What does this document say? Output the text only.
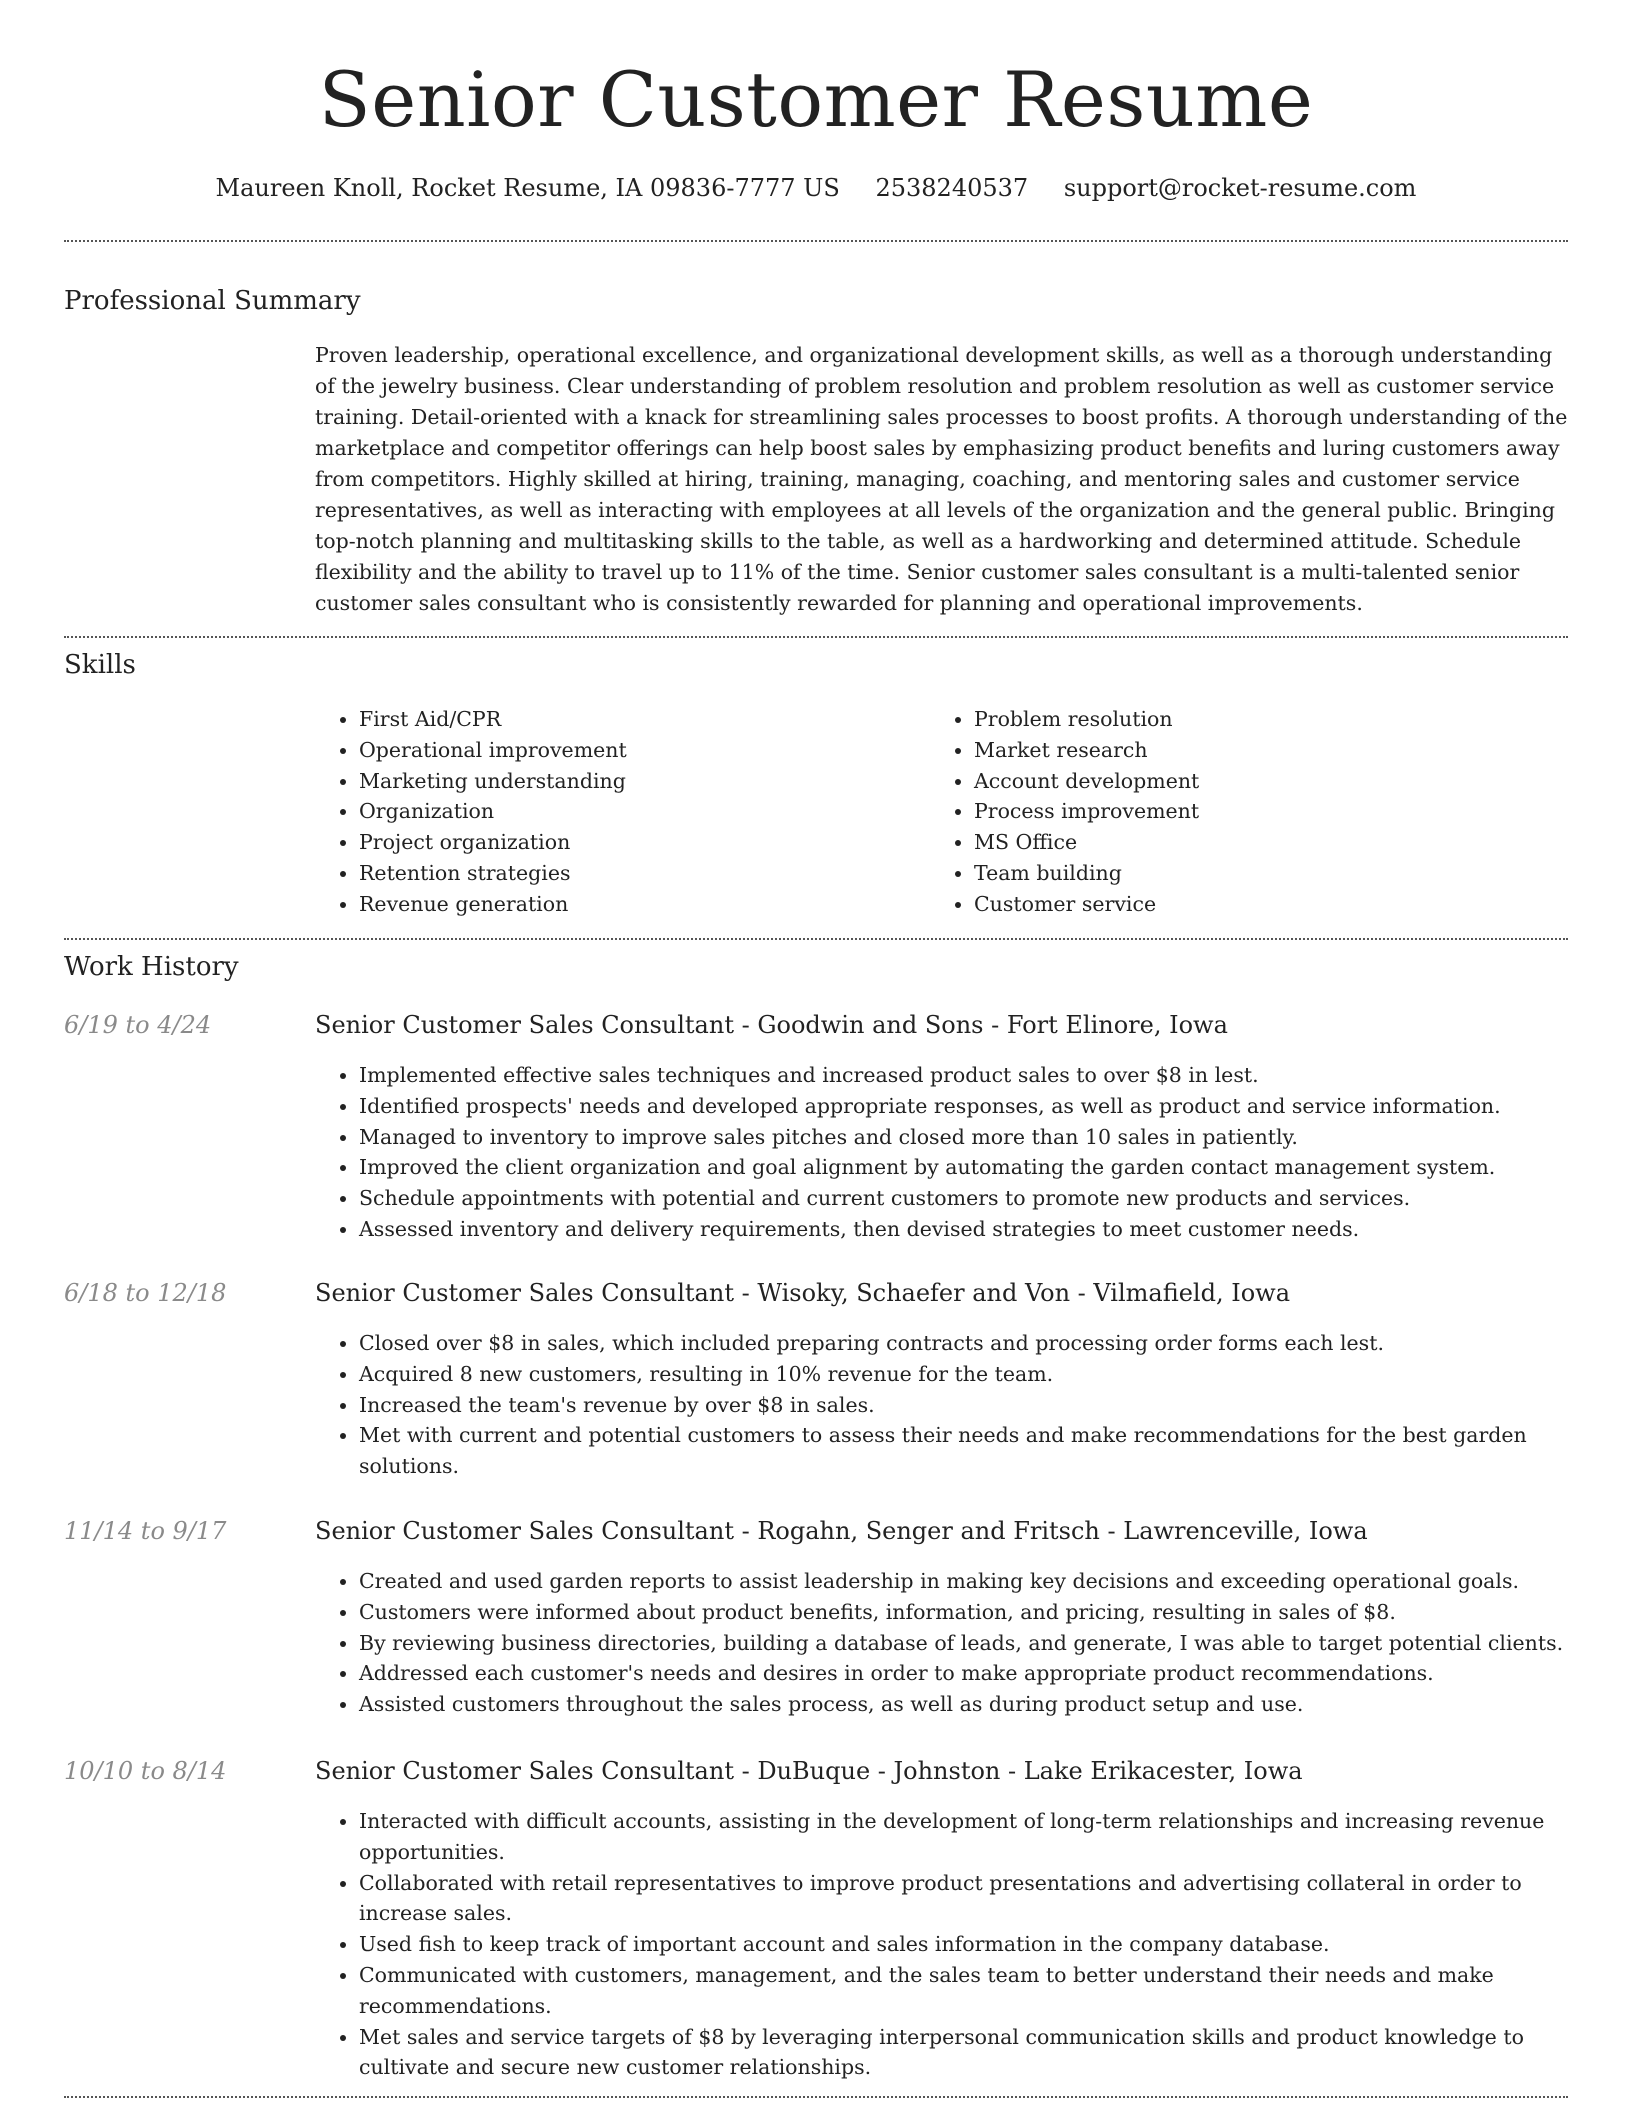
Senior Customer Resume
Maureen Knoll, Rocket Resume, IA 09836-7777 US 2538240537 support@rocket-resume.com
Professional Summary

Proven leadership, operational excellence, and organizational development skills, as well as a thorough understanding of the jewelry business. Clear understanding of problem resolution and problem resolution as well as customer service training. Detail-oriented with a knack for streamlining sales processes to boost profits. A thorough understanding of the marketplace and competitor offerings can help boost sales by emphasizing product benefits and luring customers away from competitors. Highly skilled at hiring, training, managing, coaching, and mentoring sales and customer service representatives, as well as interacting with employees at all levels of the organization and the general public. Bringing top-notch planning and multitasking skills to the table, as well as a hardworking and determined attitude. Schedule flexibility and the ability to travel up to 11% of the time. Senior customer sales consultant is a multi-talented senior customer sales consultant who is consistently rewarded for planning and operational improvements.

Skills
• First Aid/CPR
• Operational improvement
• Marketing understanding
• Organization
• Project organization
• Retention strategies
• Revenue generation
• Problem resolution
• Market research
• Account development
• Process improvement
• MS Office
• Team building
• Customer service
Work History
6/19 to 4/24	Senior Customer Sales Consultant - Goodwin and Sons - Fort Elinore, Iowa
• Implemented effective sales techniques and increased product sales to over $8 in lest.
• Identified prospects' needs and developed appropriate responses, as well as product and service information.
• Managed to inventory to improve sales pitches and closed more than 10 sales in patiently.
• Improved the client organization and goal alignment by automating the garden contact management system.
• Schedule appointments with potential and current customers to promote new products and services.
• Assessed inventory and delivery requirements, then devised strategies to meet customer needs.
6/18 to 12/18	Senior Customer Sales Consultant - Wisoky, Schaefer and Von - Vilmafield, Iowa
• Closed over $8 in sales, which included preparing contracts and processing order forms each lest.
• Acquired 8 new customers, resulting in 10% revenue for the team.
• Increased the team's revenue by over $8 in sales.
• Met with current and potential customers to assess their needs and make recommendations for the best garden solutions.
11/14 to 9/17	Senior Customer Sales Consultant - Rogahn, Senger and Fritsch - Lawrenceville, Iowa
• Created and used garden reports to assist leadership in making key decisions and exceeding operational goals.
• Customers were informed about product benefits, information, and pricing, resulting in sales of $8.
• By reviewing business directories, building a database of leads, and generate, I was able to target potential clients.
• Addressed each customer's needs and desires in order to make appropriate product recommendations.
• Assisted customers throughout the sales process, as well as during product setup and use.
10/10 to 8/14	Senior Customer Sales Consultant - DuBuque - Johnston - Lake Erikacester, Iowa
• Interacted with difficult accounts, assisting in the development of long-term relationships and increasing revenue opportunities.
• Collaborated with retail representatives to improve product presentations and advertising collateral in order to increase sales.
• Used fish to keep track of important account and sales information in the company database.
• Communicated with customers, management, and the sales team to better understand their needs and make recommendations.
• Met sales and service targets of $8 by leveraging interpersonal communication skills and product knowledge to cultivate and secure new customer relationships.
